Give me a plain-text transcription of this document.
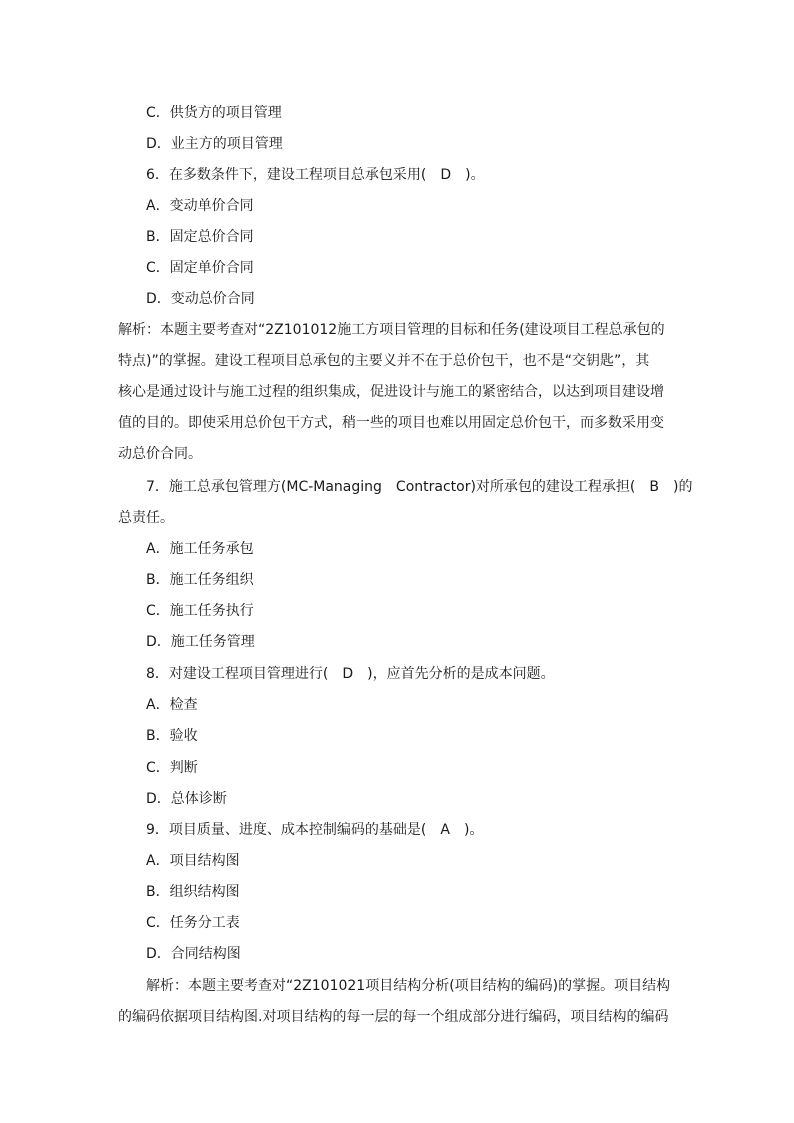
C．供货方的项目管理
D．业主方的项目管理
6．在多数条件下，建设工程项目总承包采用(　D　)。
A．变动单价合同
B．固定总价合同
C．固定单价合同
D．变动总价合同
解析：本题主要考查对“2Z101012施工方项目管理的目标和任务(建设项目工程总承包的
特点)”的掌握。建设工程项目总承包的主要义并不在于总价包干，也不是“交钥匙”，其
核心是通过设计与施工过程的组织集成，促进设计与施工的紧密结合，以达到项目建设增
值的目的。即使采用总价包干方式，稍一些的项目也难以用固定总价包干，而多数采用变
动总价合同。
7．施工总承包管理方(MC-Managing　Contractor)对所承包的建设工程承担(　B　)的
总责任。
A．施工任务承包
B．施工任务组织
C．施工任务执行
D．施工任务管理
8．对建设工程项目管理进行(　D　)，应首先分析的是成本问题。
A．检查
B．验收
C．判断
D．总体诊断
9．项目质量、进度、成本控制编码的基础是(　A　)。
A．项目结构图
B．组织结构图
C．任务分工表
D．合同结构图
解析：本题主要考查对“2Z101021项目结构分析(项目结构的编码)的掌握。项目结构
的编码依据项目结构图.对项目结构的每一层的每一个组成部分进行编码，项目结构的编码
